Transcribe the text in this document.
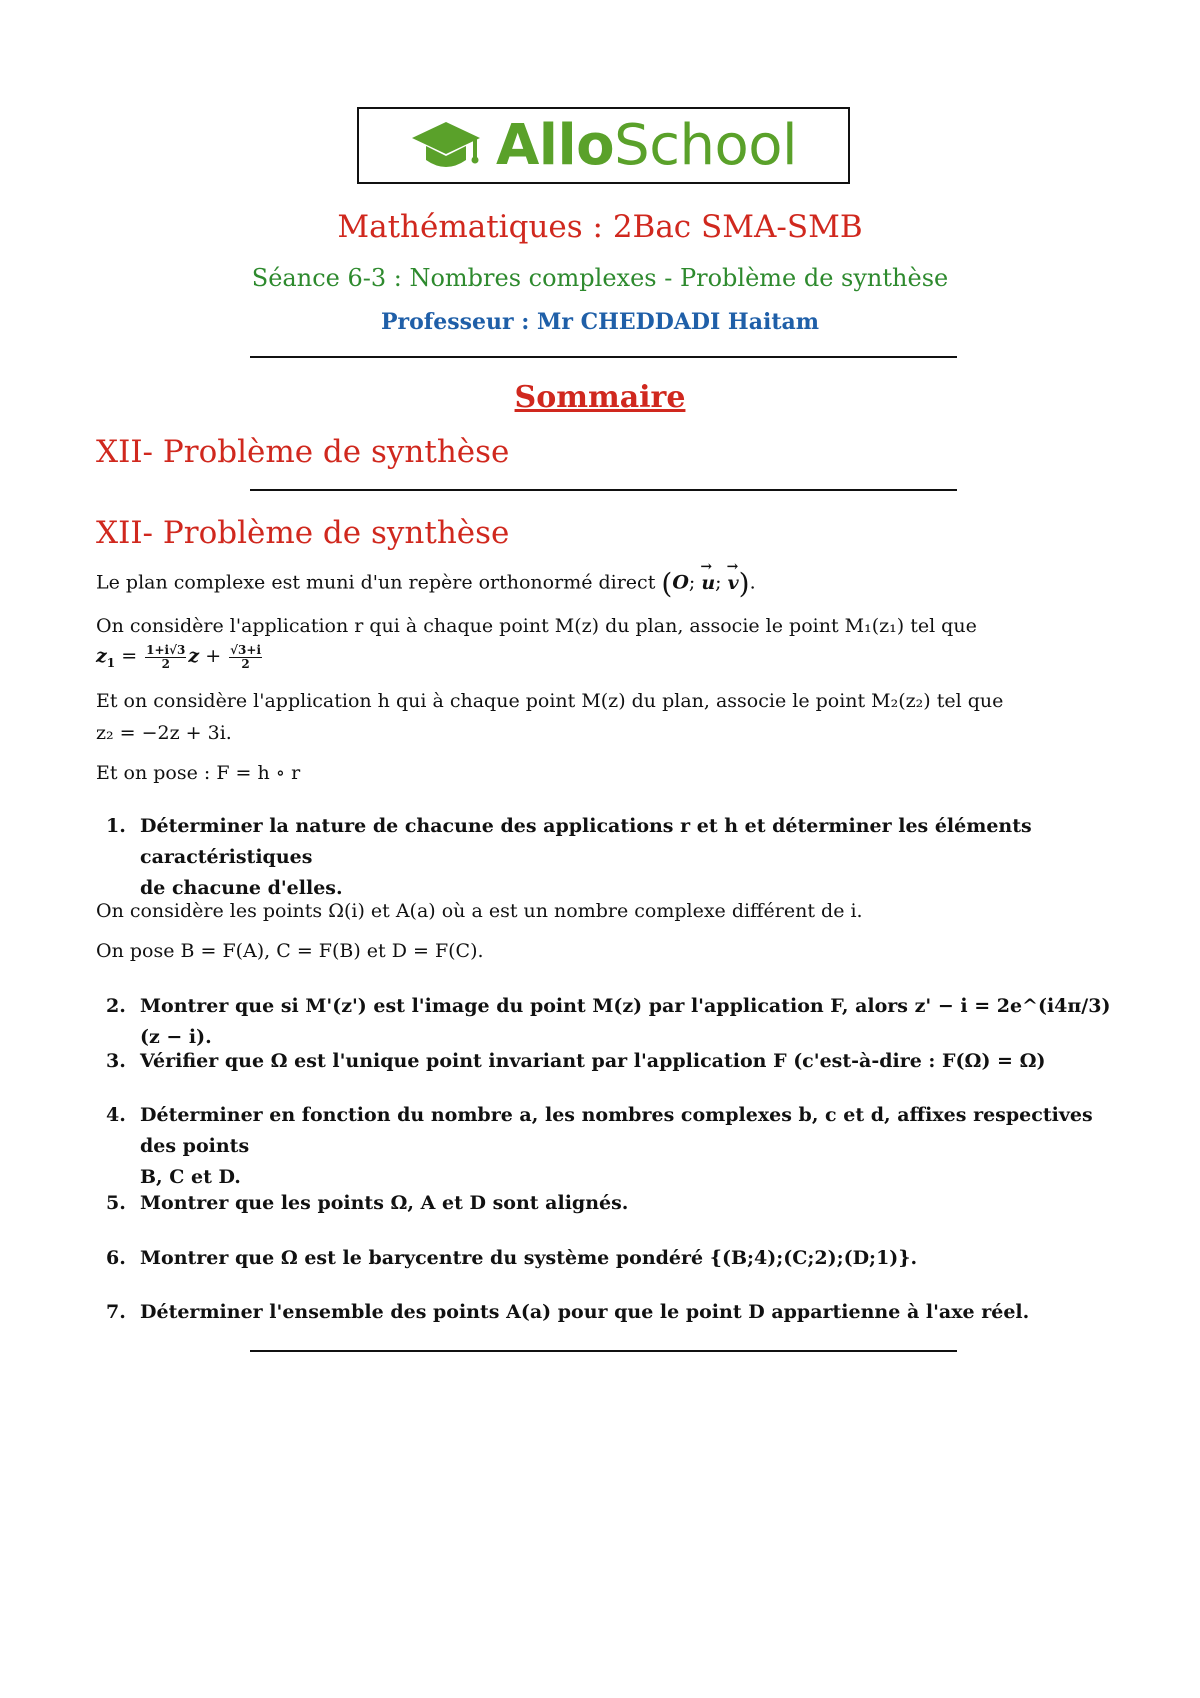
AlloSchool
Mathématiques : 2Bac SMA-SMB
Séance 6-3 : Nombres complexes - Problème de synthèse
Professeur : Mr CHEDDADI Haitam
Sommaire
XII- Problème de synthèse
XII- Problème de synthèse
Le plan complexe est muni d'un repère orthonormé direct (O; u →; v →).
On considère l'application r qui à chaque point M(z) du plan, associe le point M₁(z₁) tel que
$z_1 = \frac{1+i√3}{2}$ $z + \frac{√3+i}{2}$
Et on considère l'application h qui à chaque point M(z) du plan, associe le point M₂(z₂) tel que
z₂ = −2z + 3i.
Et on pose : F = h ∘ r
1. Déterminer la nature de chacune des applications r et h et déterminer les éléments caractéristiques
de chacune d'elles.
On considère les points Ω(i) et A(a) où a est un nombre complexe différent de i.
On pose B = F(A), C = F(B) et D = F(C).
2. Montrer que si M'(z') est l'image du point M(z) par l'application F, alors z' − i = 2e^(i4π/3) (z − i).
3. Vérifier que Ω est l'unique point invariant par l'application F (c'est-à-dire : F(Ω) = Ω)
4. Déterminer en fonction du nombre a, les nombres complexes b, c et d, affixes respectives des points
B, C et D.
5. Montrer que les points Ω, A et D sont alignés.
6. Montrer que Ω est le barycentre du système pondéré {(B;4);(C;2);(D;1)}.
7. Déterminer l'ensemble des points A(a) pour que le point D appartienne à l'axe réel.
